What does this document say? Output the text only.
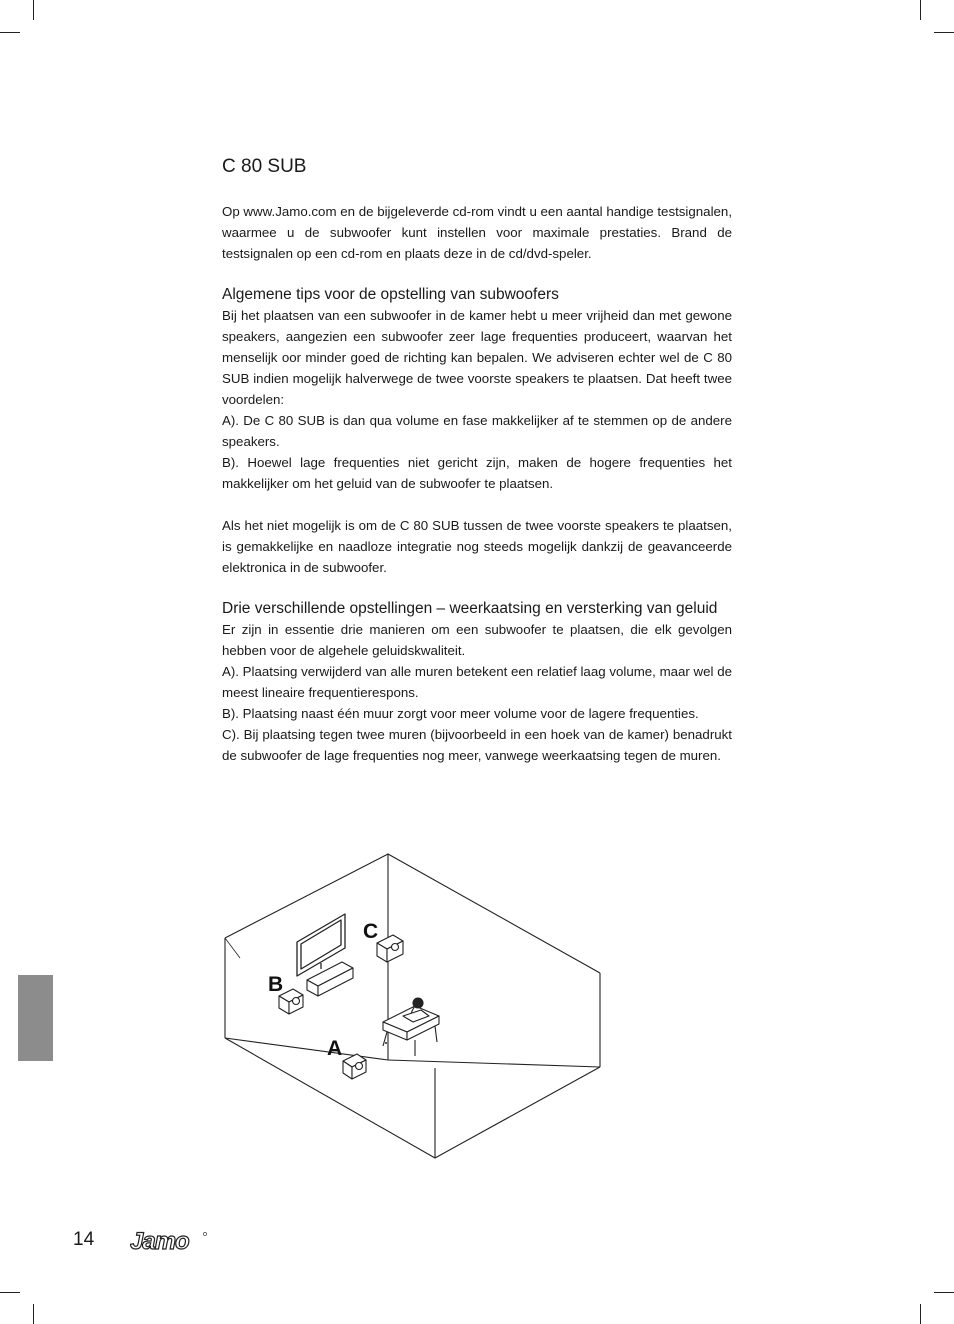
C 80 SUB

Op www.Jamo.com en de bijgeleverde cd-rom vindt u een aantal handige testsignalen, waarmee u de subwoofer kunt instellen voor maximale prestaties. Brand de testsignalen op een cd-rom en plaats deze in de cd/dvd-speler.

Algemene tips voor de opstelling van subwoofers

Bij het plaatsen van een subwoofer in de kamer hebt u meer vrijheid dan met gewone speakers, aangezien een subwoofer zeer lage frequenties produceert, waarvan het menselijk oor minder goed de richting kan bepalen. We adviseren echter wel de C 80 SUB indien mogelijk halverwege de twee voorste speakers te plaatsen. Dat heeft twee voordelen:

A). De C 80 SUB is dan qua volume en fase makkelijker af te stemmen op de andere speakers.

B). Hoewel lage frequenties niet gericht zijn, maken de hogere frequenties het makkelijker om het geluid van de subwoofer te plaatsen.

Als het niet mogelijk is om de C 80 SUB tussen de twee voorste speakers te plaatsen, is gemakkelijke en naadloze integratie nog steeds mogelijk dankzij de geavanceerde elektronica in de subwoofer.

Drie verschillende opstellingen – weerkaatsing en versterking van geluid

Er zijn in essentie drie manieren om een subwoofer te plaatsen, die elk gevolgen hebben voor de algehele geluidskwaliteit.

A). Plaatsing verwijderd van alle muren betekent een relatief laag volume, maar wel de meest lineaire frequentierespons.

B). Plaatsing naast één muur zorgt voor meer volume voor de lagere frequenties.

C). Bij plaatsing tegen twee muren (bijvoorbeeld in een hoek van de kamer) benadrukt de subwoofer de lage frequenties nog meer, vanwege weerkaatsing tegen de muren.

C
B
A
14 Jamo
